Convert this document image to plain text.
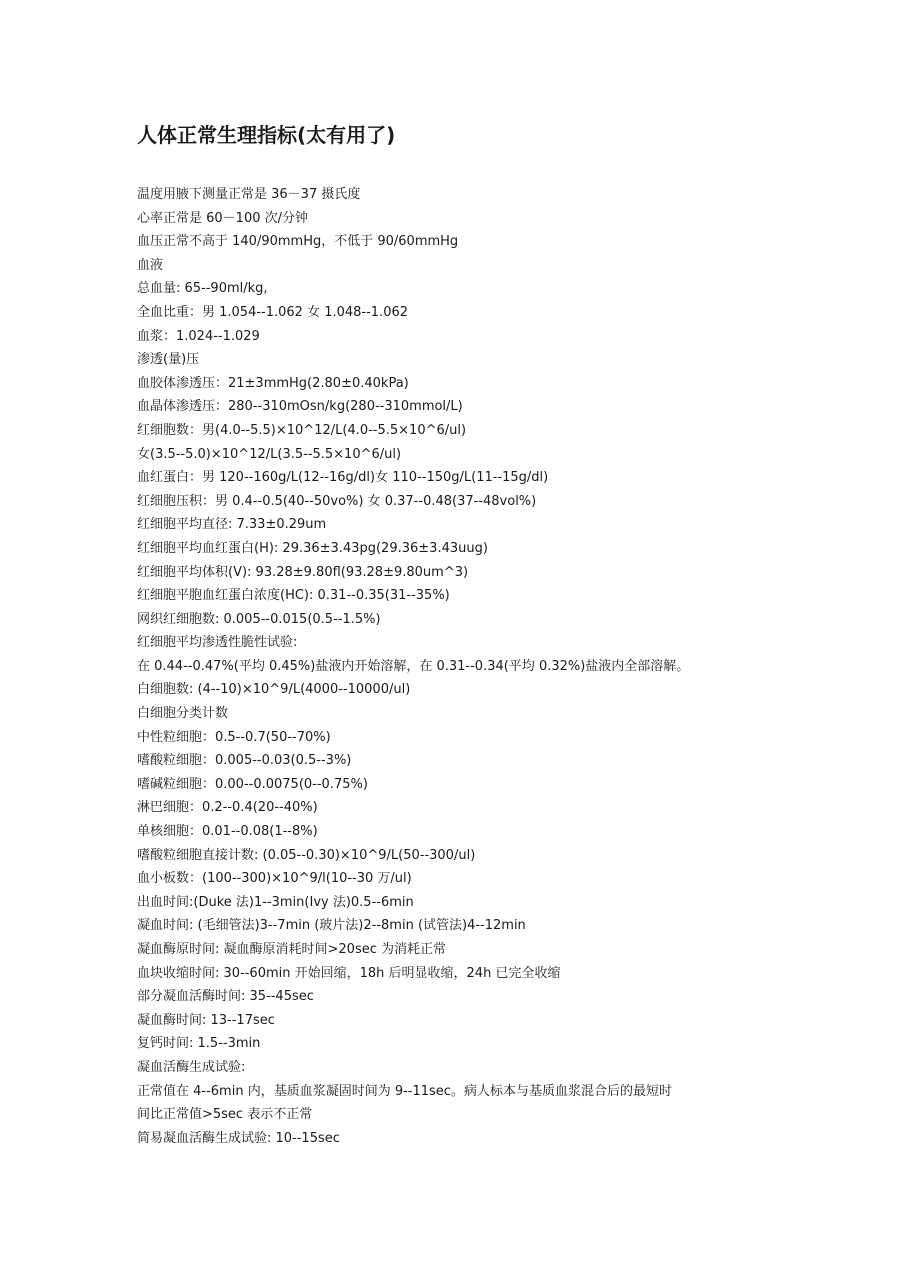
人体正常生理指标(太有用了)
温度用腋下测量正常是 36－37 摄氏度
心率正常是 60－100 次/分钟
血压正常不高于 140/90mmHg，不低于 90/60mmHg
血液
总血量: 65--90ml/kg,
全血比重：男 1.054--1.062 女 1.048--1.062
血浆：1.024--1.029
渗透(量)压
血胶体渗透压：21±3mmHg(2.80±0.40kPa)
血晶体渗透压：280--310mOsn/kg(280--310mmol/L)
红细胞数：男(4.0--5.5)×10^12/L(4.0--5.5×10^6/ul)
女(3.5--5.0)×10^12/L(3.5--5.5×10^6/ul)
血红蛋白：男 120--160g/L(12--16g/dl)女 110--150g/L(11--15g/dl)
红细胞压积：男 0.4--0.5(40--50vo%) 女 0.37--0.48(37--48vol%)
红细胞平均直径: 7.33±0.29um
红细胞平均血红蛋白(H): 29.36±3.43pg(29.36±3.43uug)
红细胞平均体积(V): 93.28±9.80fl(93.28±9.80um^3)
红细胞平胞血红蛋白浓度(HC): 0.31--0.35(31--35%)
网织红细胞数: 0.005--0.015(0.5--1.5%)
红细胞平均渗透性脆性试验:
在 0.44--0.47%(平均 0.45%)盐液内开始溶解，在 0.31--0.34(平均 0.32%)盐液内全部溶解。
白细胞数: (4--10)×10^9/L(4000--10000/ul)
白细胞分类计数
中性粒细胞：0.5--0.7(50--70%)
嗜酸粒细胞：0.005--0.03(0.5--3%)
嗜碱粒细胞：0.00--0.0075(0--0.75%)
淋巴细胞：0.2--0.4(20--40%)
单核细胞：0.01--0.08(1--8%)
嗜酸粒细胞直接计数: (0.05--0.30)×10^9/L(50--300/ul)
血小板数：(100--300)×10^9/l(10--30 万/ul)
出血时间:(Duke 法)1--3min(Ivy 法)0.5--6min
凝血时间: (毛细管法)3--7min (玻片法)2--8min (试管法)4--12min
凝血酶原时间: 凝血酶原消耗时间>20sec 为消耗正常
血块收缩时间: 30--60min 开始回缩，18h 后明显收缩，24h 已完全收缩
部分凝血活酶时间: 35--45sec
凝血酶时间: 13--17sec
复钙时间: 1.5--3min
凝血活酶生成试验:
正常值在 4--6min 内，基质血浆凝固时间为 9--11sec。病人标本与基质血浆混合后的最短时
间比正常值>5sec 表示不正常
简易凝血活酶生成试验: 10--15sec
